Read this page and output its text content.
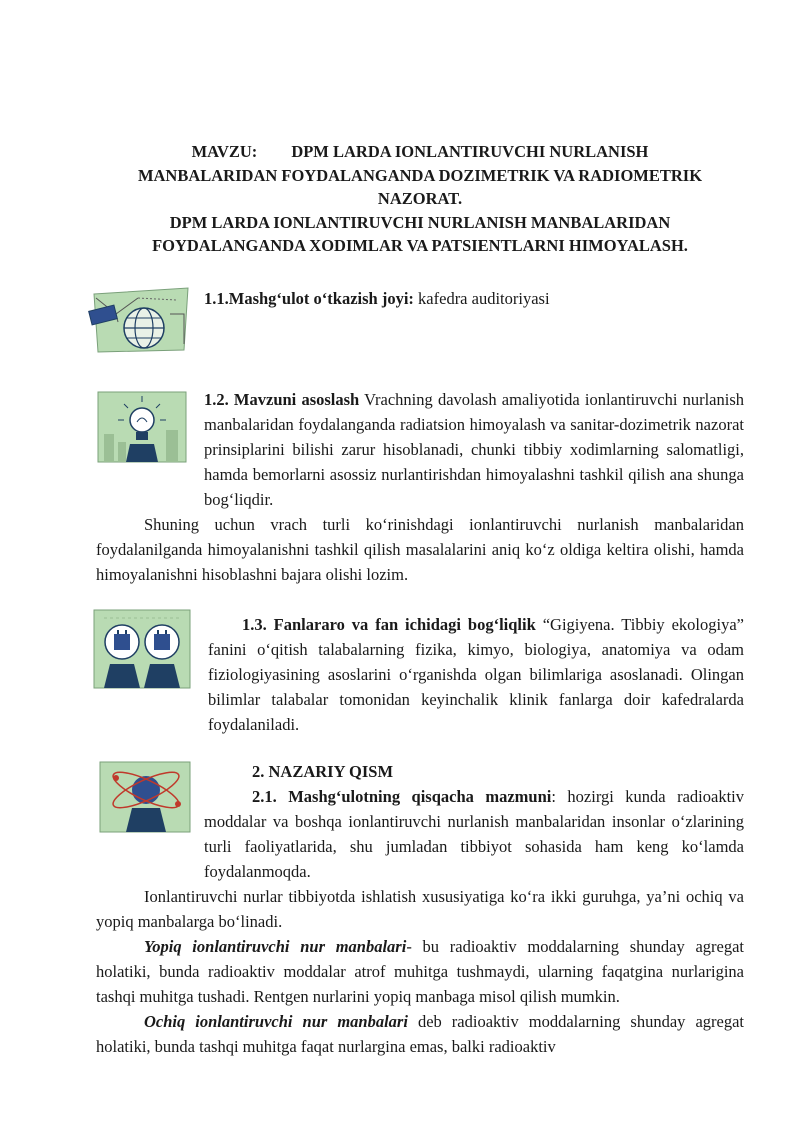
MAVZU: DPM LARDA IONLANTIRUVCHI NURLANISH
MANBALARIDAN FOYDALANGANDA DOZIMETRIK VA RADIOMETRIK
NAZORAT.
DPM LARDA IONLANTIRUVCHI NURLANISH MANBALARIDAN
FOYDALANGANDA XODIMLAR VA PATSIENTLARNI HIMOYALASH.

1.1.Mashg‘ulot o‘tkazish joyi: kafedra auditoriyasi

1.2. Mavzuni asoslash Vrachning davolash amaliyotida ionlantiruvchi nurlanish manbalaridan foydalanganda radiatsion himoyalash va sanitar-dozimetrik nazorat prinsiplarini bilishi zarur hisoblanadi, chunki tibbiy xodimlarning salomatligi, hamda bemorlarni asossiz nurlantirishdan himoyalashni tashkil qilish ana shunga bog‘liqdir.

Shuning uchun vrach turli ko‘rinishdagi ionlantiruvchi nurlanish manbalaridan foydalanilganda himoyalanishni tashkil qilish masalalarini aniq ko‘z oldiga keltira olishi, hamda himoyalanishni hisoblashni bajara olishi lozim.

1.3. Fanlararo va fan ichidagi bog‘liqlik “Gigiyena. Tibbiy ekologiya” fanini o‘qitish talabalarning fizika, kimyo, biologiya, anatomiya va odam fiziologiyasining asoslarini o‘rganishda olgan bilimlariga asoslanadi. Olingan bilimlar talabalar tomonidan keyinchalik klinik fanlarga doir kafedralarda foydalaniladi.

2. NAZARIY QISM

2.1. Mashg‘ulotning qisqacha mazmuni: hozirgi kunda radioaktiv moddalar va boshqa ionlantiruvchi nurlanish manbalaridan insonlar o‘zlarining turli faoliyatlarida, shu jumladan tibbiyot sohasida ham keng ko‘lamda foydalanmoqda.

Ionlantiruvchi nurlar tibbiyotda ishlatish xususiyatiga ko‘ra ikki guruhga, ya’ni ochiq va yopiq manbalarga bo‘linadi.

Yopiq ionlantiruvchi nur manbalari- bu radioaktiv moddalarning shunday agregat holatiki, bunda radioaktiv moddalar atrof muhitga tushmaydi, ularning faqatgina nurlarigina tashqi muhitga tushadi. Rentgen nurlarini yopiq manbaga misol qilish mumkin.

Ochiq ionlantiruvchi nur manbalari deb radioaktiv moddalarning shunday agregat holatiki, bunda tashqi muhitga faqat nurlargina emas, balki radioaktiv
